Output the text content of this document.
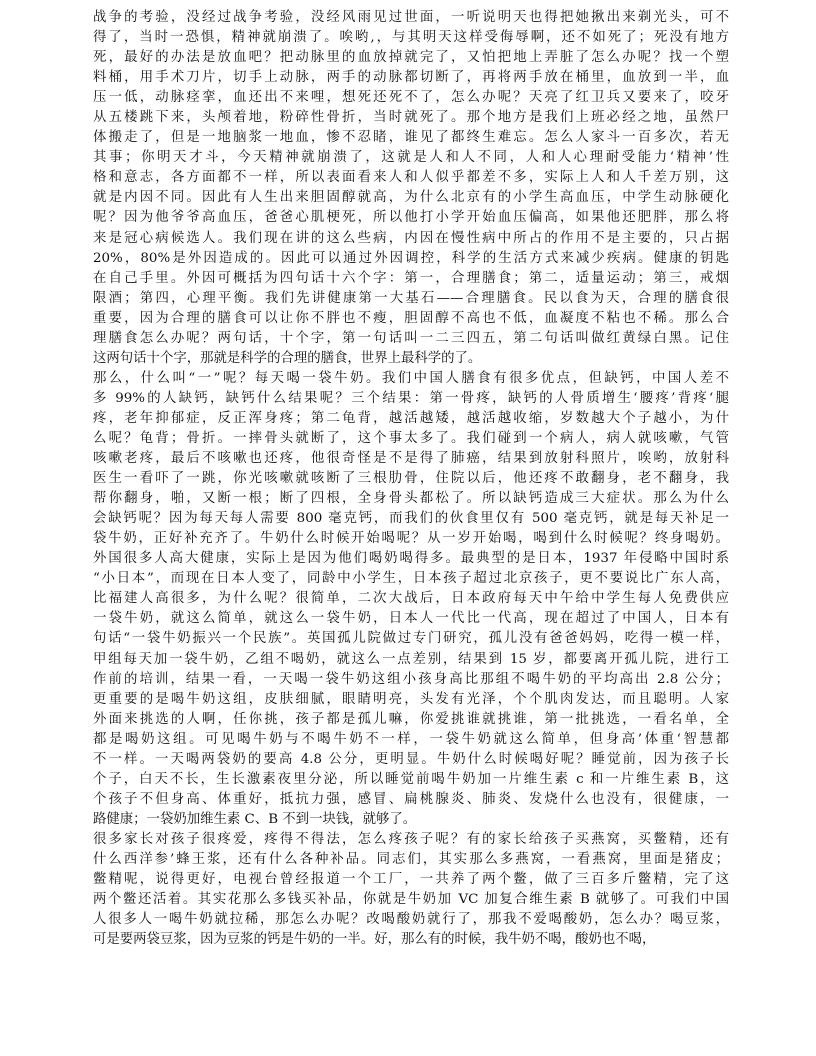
战争的考验，没经过战争考验，没经风雨见过世面，一听说明天也得把她揪出来剃光头，可不
得了，当时一恐惧，精神就崩溃了。唉哟,，与其明天这样受侮辱啊，还不如死了；死没有地方
死，最好的办法是放血吧？把动脉里的血放掉就完了，又怕把地上弄脏了怎么办呢？找一个塑
料桶，用手术刀片，切手上动脉，两手的动脉都切断了，再将两手放在桶里，血放到一半，血
压一低，动脉痉挛，血还出不来哩，想死还死不了，怎么办呢？天亮了红卫兵又要来了，咬牙
从五楼跳下来，头颅着地，粉碎性骨折，当时就死了。那个地方是我们上班必经之地，虽然尸
体搬走了，但是一地脑浆一地血，惨不忍睹，谁见了都终生难忘。怎么人家斗一百多次，若无
其事；你明天才斗，今天精神就崩溃了，这就是人和人不同，人和人心理耐受能力‘精神’性
格和意志，各方面都不一样，所以表面看来人和人似乎都差不多，实际上人和人千差万别，这
就是内因不同。因此有人生出来胆固醇就高，为什么北京有的小学生高血压，中学生动脉硬化
呢？因为他爷爷高血压，爸爸心肌梗死，所以他打小学开始血压偏高，如果他还肥胖，那么将
来是冠心病候选人。我们现在讲的这么些病，内因在慢性病中所占的作用不是主要的，只占据
20%，80%是外因造成的。因此可以通过外因调控，科学的生活方式来减少疾病。健康的钥匙
在自己手里。外因可概括为四句话十六个字：第一，合理膳食；第二，适量运动；第三，戒烟
限酒；第四，心理平衡。我们先讲健康第一大基石——合理膳食。民以食为天，合理的膳食很
重要，因为合理的膳食可以让你不胖也不瘦，胆固醇不高也不低，血凝度不粘也不稀。那么合
理膳食怎么办呢？两句话，十个字，第一句话叫一二三四五，第二句话叫做红黄绿白黑。记住
这两句话十个字，那就是科学的合理的膳食，世界上最科学的了。
那么，什么叫“一”呢？每天喝一袋牛奶。我们中国人膳食有很多优点，但缺钙，中国人差不
多 99%的人缺钙，缺钙什么结果呢？三个结果：第一骨疼，缺钙的人骨质增生‘腰疼’背疼‘腿
疼，老年抑郁症，反正浑身疼；第二龟背，越活越矮，越活越收缩，岁数越大个子越小，为什
么呢？龟背；骨折。一摔骨头就断了，这个事太多了。我们碰到一个病人，病人就咳嗽，气管
咳嗽老疼，最后不咳嗽也还疼，他很奇怪是不是得了肺癌，结果到放射科照片，唉哟，放射科
医生一看吓了一跳，你光咳嗽就咳断了三根肋骨，住院以后，他还疼不敢翻身，老不翻身，我
帮你翻身，啪，又断一根；断了四根，全身骨头都松了。所以缺钙造成三大症状。那么为什么
会缺钙呢？因为每天每人需要 800 毫克钙，而我们的伙食里仅有 500 毫克钙，就是每天补足一
袋牛奶，正好补充齐了。牛奶什么时候开始喝呢？从一岁开始喝，喝到什么时候呢？终身喝奶。
外国很多人高大健康，实际上是因为他们喝奶喝得多。最典型的是日本，1937 年侵略中国时系
“小日本”，而现在日本人变了，同龄中小学生，日本孩子超过北京孩子，更不要说比广东人高，
比福建人高很多，为什么呢？很简单，二次大战后，日本政府每天中午给中学生每人免费供应
一袋牛奶，就这么简单，就这么一袋牛奶，日本人一代比一代高，现在超过了中国人，日本有
句话“一袋牛奶振兴一个民族”。英国孤儿院做过专门研究，孤儿没有爸爸妈妈，吃得一模一样，
甲组每天加一袋牛奶，乙组不喝奶，就这么一点差别，结果到 15 岁，都要离开孤儿院，进行工
作前的培训，结果一看，一天喝一袋牛奶这组小孩身高比那组不喝牛奶的平均高出 2.8 公分；
更重要的是喝牛奶这组，皮肤细腻，眼睛明亮，头发有光泽，个个肌肉发达，而且聪明。人家
外面来挑选的人啊，任你挑，孩子都是孤儿嘛，你爱挑谁就挑谁，第一批挑选，一看名单，全
都是喝奶这组。可见喝牛奶与不喝牛奶不一样，一袋牛奶就这么简单，但身高’体重‘智慧都
不一样。一天喝两袋奶的要高 4.8 公分，更明显。牛奶什么时候喝好呢？睡觉前，因为孩子长
个子，白天不长，生长激素夜里分泌，所以睡觉前喝牛奶加一片维生素 c 和一片维生素 B，这
个孩子不但身高、体重好，抵抗力强，感冒、扁桃腺炎、肺炎、发烧什么也没有，很健康，一
路健康；一袋奶加维生素 C、B 不到一块钱，就够了。
很多家长对孩子很疼爱，疼得不得法，怎么疼孩子呢？有的家长给孩子买燕窝，买鳖精，还有
什么西洋参’蜂王浆，还有什么各种补品。同志们，其实那么多燕窝，一看燕窝，里面是猪皮；
鳖精呢，说得更好，电视台曾经报道一个工厂，一共养了两个鳖，做了三百多斤鳖精，完了这
两个鳖还活着。其实花那么多钱买补品，你就是牛奶加 VC 加复合维生素 B 就够了。可我们中国
人很多人一喝牛奶就拉稀，那怎么办呢？改喝酸奶就行了，那我不爱喝酸奶，怎么办？喝豆浆，
可是要两袋豆浆，因为豆浆的钙是牛奶的一半。好，那么有的时候，我牛奶不喝，酸奶也不喝，
